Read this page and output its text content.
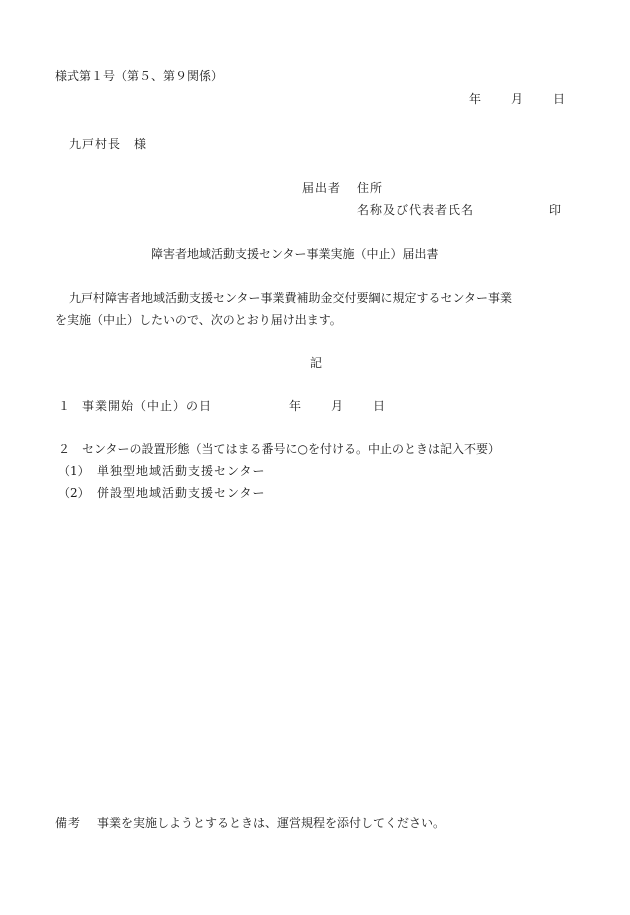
様式第１号（第５、第９関係）
年 月 日
九戸村長　様
届出者 住所
名称及び代表者氏名	印
障害者地域活動支援センター事業実施（中止）届出書
九戸村障害者地域活動支援センター事業費補助金交付要綱に規定するセンター事業
を実施（中止）したいので、次のとおり届け出ます。
記
１ 事業開始（中止）の日	年 月 日
２ センターの設置形態（当てはまる番号に○を付ける。中止のときは記入不要）
（1） 単独型地域活動支援センター
（2） 併設型地域活動支援センター
備考 事業を実施しようとするときは、運営規程を添付してください。
